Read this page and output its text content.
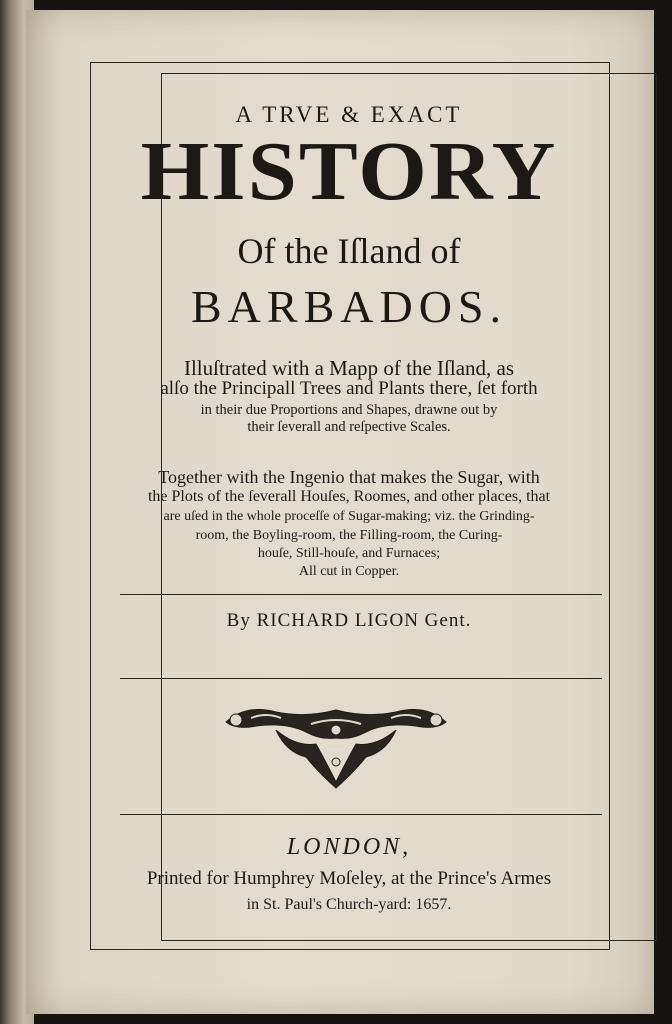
A TRVE & EXACT
HISTORY
Of the Iſland of
BARBADOS.
Illuſtrated with a Mapp of the Iſland, as
alſo the Principall Trees and Plants there, ſet forth
in their due Proportions and Shapes, drawne out by
their ſeverall and reſpective Scales.
Together with the Ingenio that makes the Sugar, with
the Plots of the ſeverall Houſes, Roomes, and other places, that
are uſed in the whole proceſſe of Sugar-making; viz. the Grinding-
room, the Boyling-room, the Filling-room, the Curing-
houſe, Still-houſe, and Furnaces;
All cut in Copper.
By RICHARD LIGON Gent.
LONDON,
Printed for Humphrey Moſeley, at the Prince's Armes
in St. Paul's Church-yard: 1657.
